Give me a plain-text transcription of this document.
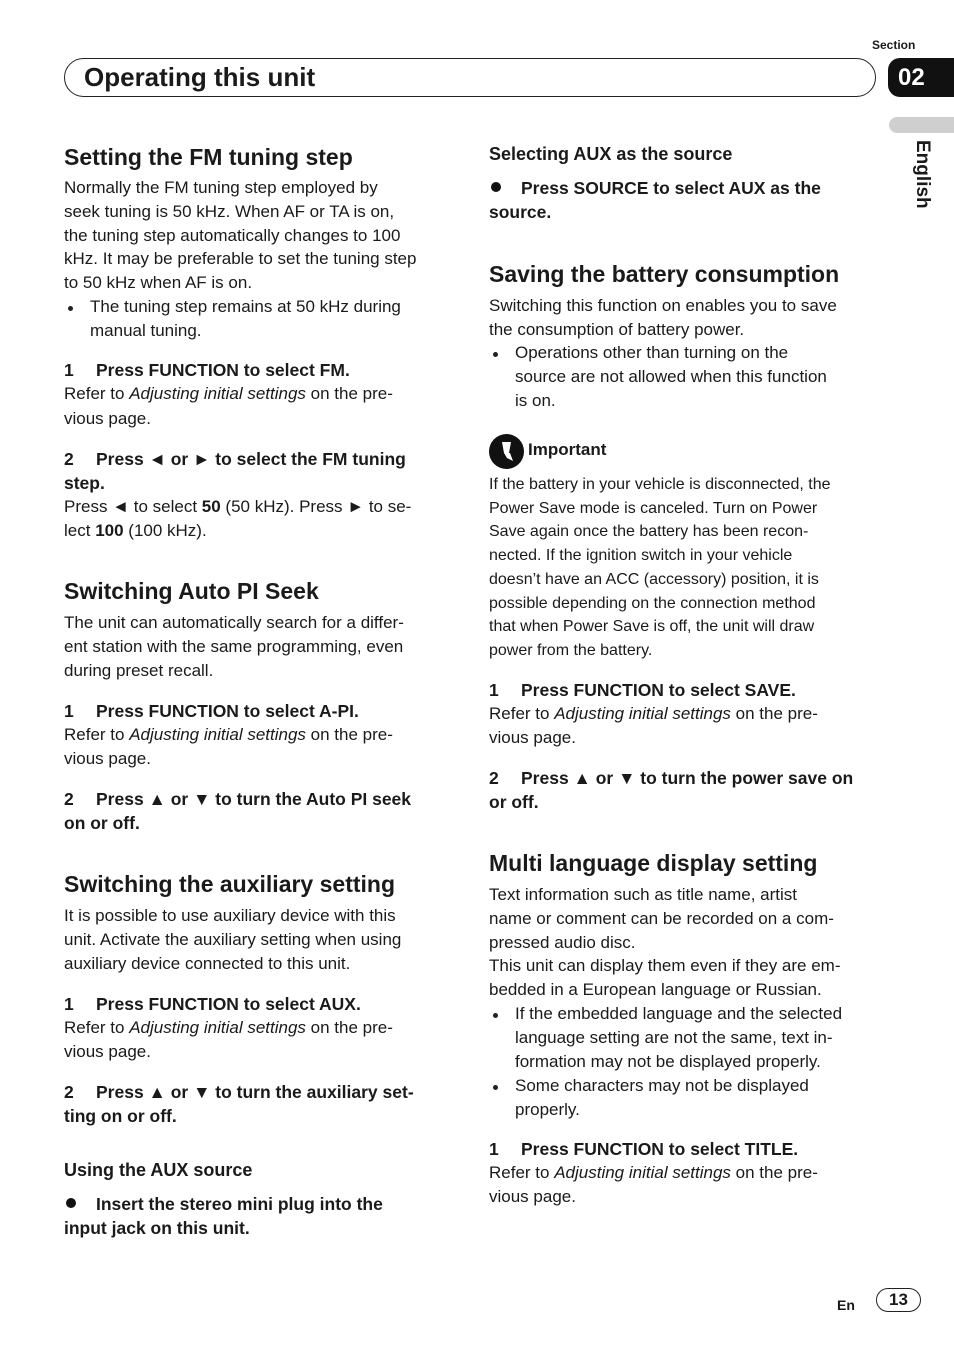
Section
Operating this unit	02
English
Setting the FM tuning step
Normally the FM tuning step employed by
seek tuning is 50 kHz. When AF or TA is on,
the tuning step automatically changes to 100
kHz. It may be preferable to set the tuning step
to 50 kHz when AF is on.
The tuning step remains at 50 kHz during
manual tuning.
1 Press FUNCTION to select FM.
Refer to Adjusting initial settings on the pre-
vious page.
2 Press ◄ or ► to select the FM tuning
step.
Press ◄ to select 50 (50 kHz). Press ► to se-
lect 100 (100 kHz).
Switching Auto PI Seek
The unit can automatically search for a differ-
ent station with the same programming, even
during preset recall.
1 Press FUNCTION to select A-PI.
Refer to Adjusting initial settings on the pre-
vious page.
2 Press ▲ or ▼ to turn the Auto PI seek
on or off.
Switching the auxiliary setting
It is possible to use auxiliary device with this
unit. Activate the auxiliary setting when using
auxiliary device connected to this unit.
1 Press FUNCTION to select AUX.
Refer to Adjusting initial settings on the pre-
vious page.
2 Press ▲ or ▼ to turn the auxiliary set-
ting on or off.
Using the AUX source
Insert the stereo mini plug into the
input jack on this unit.
Selecting AUX as the source
Press SOURCE to select AUX as the
source.
Saving the battery consumption
Switching this function on enables you to save
the consumption of battery power.
Operations other than turning on the
source are not allowed when this function
is on.
Important
If the battery in your vehicle is disconnected, the
Power Save mode is canceled. Turn on Power
Save again once the battery has been recon-
nected. If the ignition switch in your vehicle
doesn’t have an ACC (accessory) position, it is
possible depending on the connection method
that when Power Save is off, the unit will draw
power from the battery.
1 Press FUNCTION to select SAVE.
Refer to Adjusting initial settings on the pre-
vious page.
2 Press ▲ or ▼ to turn the power save on
or off.
Multi language display setting
Text information such as title name, artist
name or comment can be recorded on a com-
pressed audio disc.
This unit can display them even if they are em-
bedded in a European language or Russian.
If the embedded language and the selected
language setting are not the same, text in-
formation may not be displayed properly.
Some characters may not be displayed
properly.
1 Press FUNCTION to select TITLE.
Refer to Adjusting initial settings on the pre-
vious page.
En	13
